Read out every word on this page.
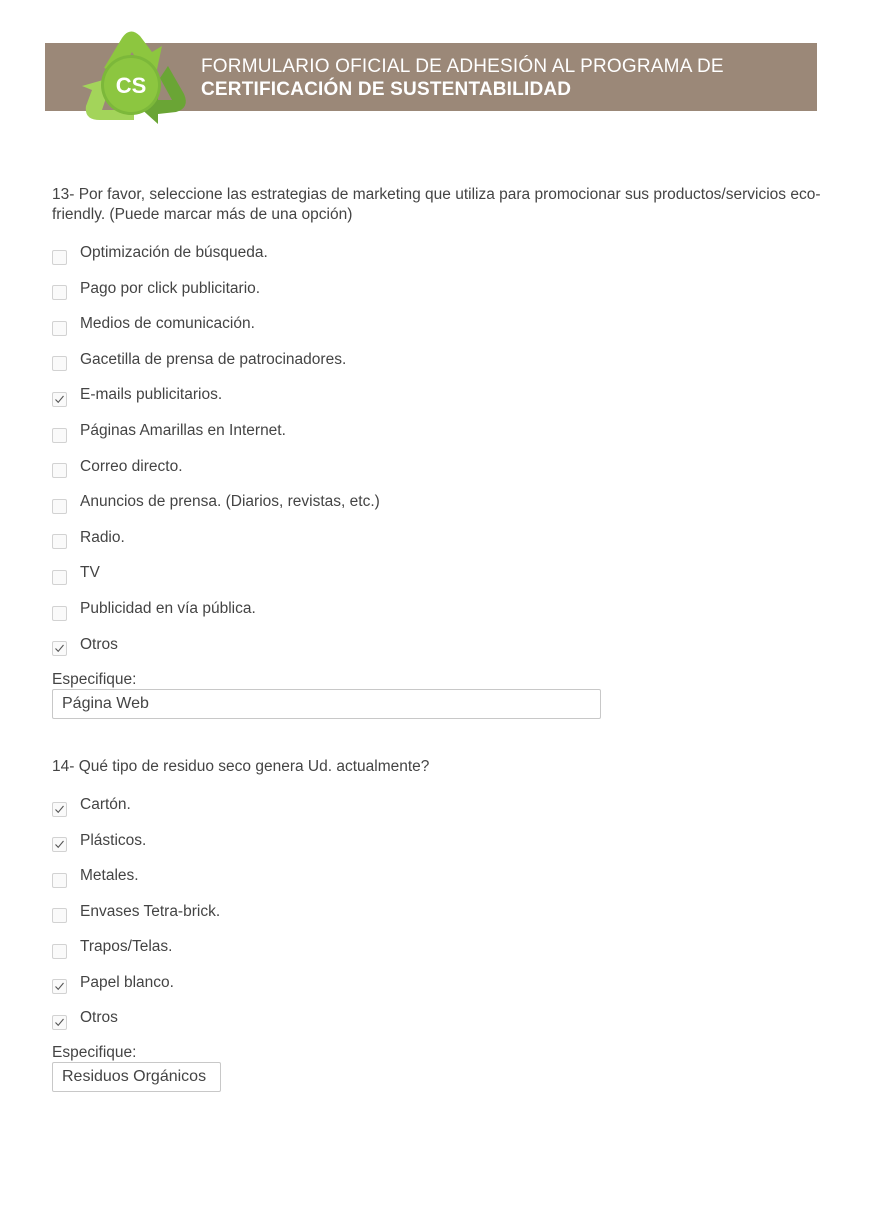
CS
FORMULARIO OFICIAL DE ADHESIÓN AL PROGRAMA DE
CERTIFICACIÓN DE SUSTENTABILIDAD
13- Por favor, seleccione las estrategias de marketing que utiliza para promocionar sus productos/servicios eco-friendly. (Puede marcar más de una opción)
Optimización de búsqueda.
Pago por click publicitario.
Medios de comunicación.
Gacetilla de prensa de patrocinadores.
E-mails publicitarios.
Páginas Amarillas en Internet.
Correo directo.
Anuncios de prensa. (Diarios, revistas, etc.)
Radio.
TV
Publicidad en vía pública.
Otros
Especifique:
Página Web
14- Qué tipo de residuo seco genera Ud. actualmente?
Cartón.
Plásticos.
Metales.
Envases Tetra-brick.
Trapos/Telas.
Papel blanco.
Otros
Especifique:
Residuos Orgánicos
